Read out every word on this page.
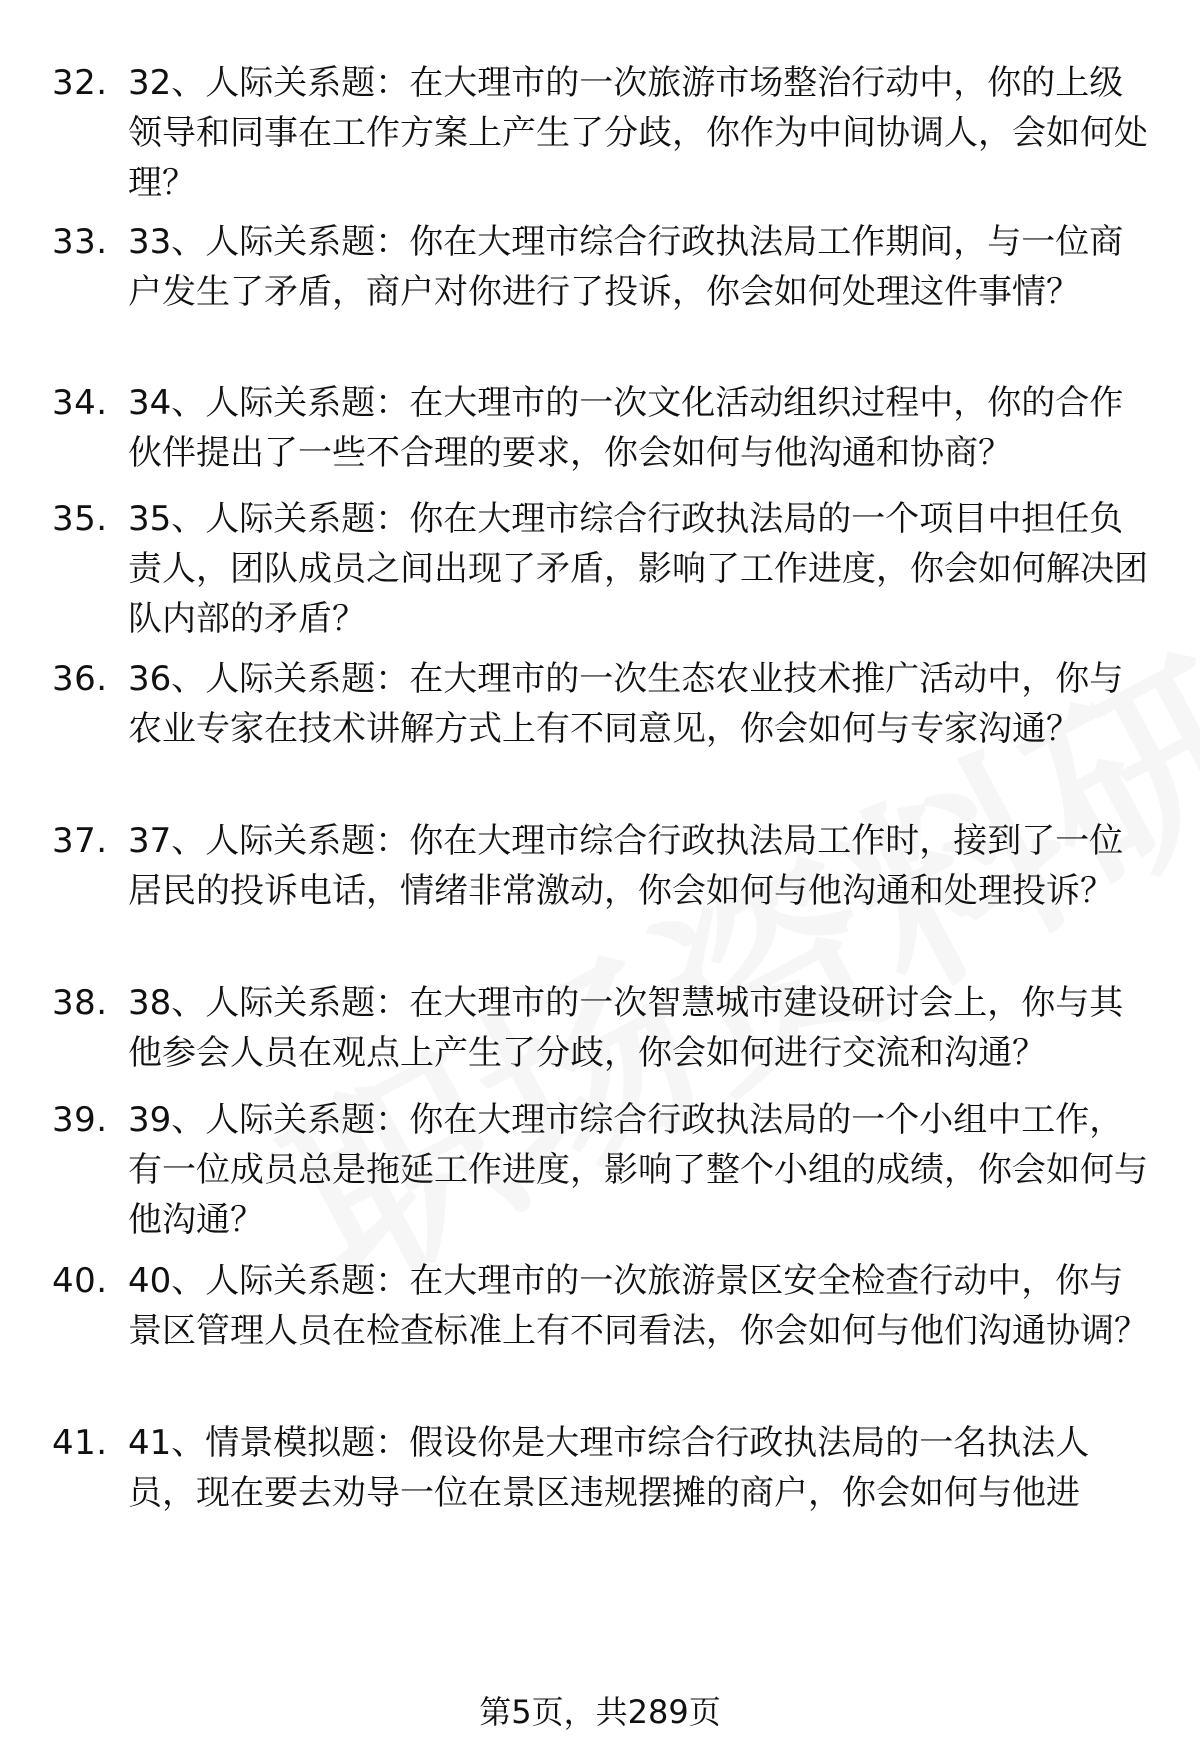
32. 32、人际关系题：在大理市的一次旅游市场整治行动中，你的上级领导和同事在工作方案上产生了分歧，你作为中间协调人，会如何处理？

33. 33、人际关系题：你在大理市综合行政执法局工作期间，与一位商户发生了矛盾，商户对你进行了投诉，你会如何处理这件事情？

34. 34、人际关系题：在大理市的一次文化活动组织过程中，你的合作伙伴提出了一些不合理的要求，你会如何与他沟通和协商？

35. 35、人际关系题：你在大理市综合行政执法局的一个项目中担任负责人，团队成员之间出现了矛盾，影响了工作进度，你会如何解决团队内部的矛盾？

36. 36、人际关系题：在大理市的一次生态农业技术推广活动中，你与农业专家在技术讲解方式上有不同意见，你会如何与专家沟通？

37. 37、人际关系题：你在大理市综合行政执法局工作时，接到了一位居民的投诉电话，情绪非常激动，你会如何与他沟通和处理投诉？

38. 38、人际关系题：在大理市的一次智慧城市建设研讨会上，你与其他参会人员在观点上产生了分歧，你会如何进行交流和沟通？

39. 39、人际关系题：你在大理市综合行政执法局的一个小组中工作，有一位成员总是拖延工作进度，影响了整个小组的成绩，你会如何与他沟通？

40. 40、人际关系题：在大理市的一次旅游景区安全检查行动中，你与景区管理人员在检查标准上有不同看法，你会如何与他们沟通协调？

41. 41、情景模拟题：假设你是大理市综合行政执法局的一名执法人员，现在要去劝导一位在景区违规摆摊的商户，你会如何与他进

第5页，共289页
